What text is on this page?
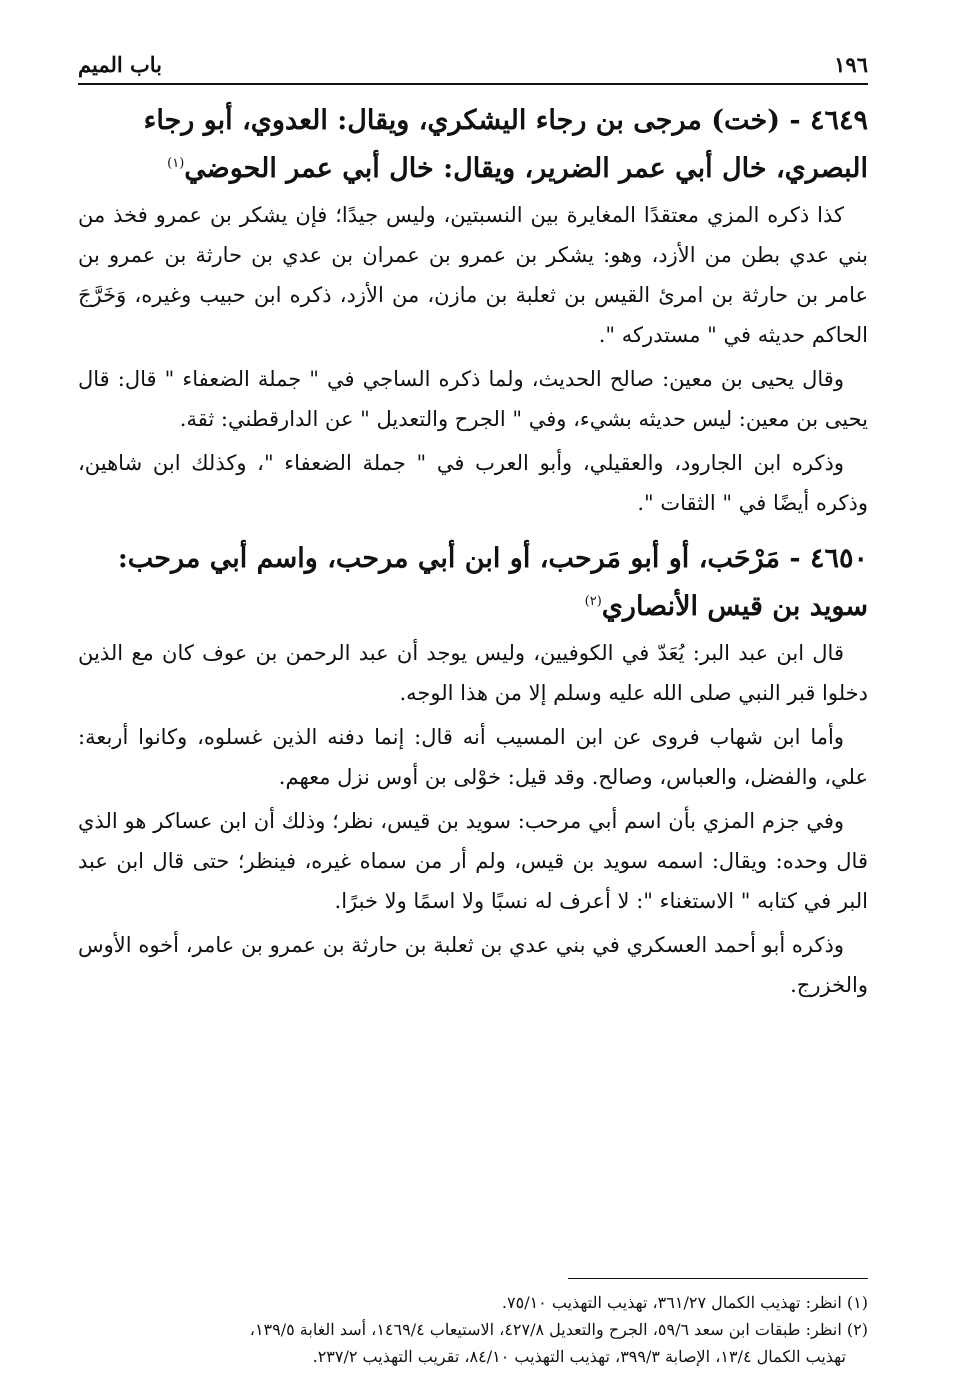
١٩٦
باب الميم
٤٦٤٩ - (خت) مرجى بن رجاء اليشكري، ويقال: العدوي، أبو رجاء
البصري، خال أبي عمر الضرير، ويقال: خال أبي عمر الحوضي$^{(١)}$

كذا ذكره المزي معتقدًا المغايرة بين النسبتين، وليس جيدًا؛ فإن يشكر بن عمرو فخذ من بني عدي بطن من الأزد، وهو: يشكر بن عمرو بن عمران بن عدي بن حارثة بن عمرو بن عامر بن حارثة بن امرئ القيس بن ثعلبة بن مازن، من الأزد، ذكره ابن حبيب وغيره، وَخَرَّجَ الحاكم حديثه في " مستدركه ".

وقال يحيى بن معين: صالح الحديث، ولما ذكره الساجي في " جملة الضعفاء " قال: قال يحيى بن معين: ليس حديثه بشيء، وفي " الجرح والتعديل " عن الدارقطني: ثقة.

وذكره ابن الجارود، والعقيلي، وأبو العرب في " جملة الضعفاء "، وكذلك ابن شاهين، وذكره أيضًا في " الثقات ".

٤٦٥٠ - مَرْحَب، أو أبو مَرحب، أو ابن أبي مرحب، واسم أبي مرحب:
سويد بن قيس الأنصاري$^{(٢)}$

قال ابن عبد البر: يُعَدّ في الكوفيين، وليس يوجد أن عبد الرحمن بن عوف كان مع الذين دخلوا قبر النبي صلى الله عليه وسلم إلا من هذا الوجه.

وأما ابن شهاب فروى عن ابن المسيب أنه قال: إنما دفنه الذين غسلوه، وكانوا أربعة: علي، والفضل، والعباس، وصالح. وقد قيل: خوْلى بن أوس نزل معهم.

وفي جزم المزي بأن اسم أبي مرحب: سويد بن قيس، نظر؛ وذلك أن ابن عساكر هو الذي قال وحده: ويقال: اسمه سويد بن قيس، ولم أر من سماه غيره، فينظر؛ حتى قال ابن عبد البر في كتابه " الاستغناء ": لا أعرف له نسبًا ولا اسمًا ولا خبرًا.

وذكره أبو أحمد العسكري في بني عدي بن ثعلبة بن حارثة بن عمرو بن عامر، أخوه الأوس والخزرج.

(١) انظر: تهذيب الكمال ٣٦١/٢٧، تهذيب التهذيب ٧٥/١٠.

(٢) انظر: طبقات ابن سعد ٥٩/٦، الجرح والتعديل ٤٢٧/٨، الاستيعاب ١٤٦٩/٤، أسد الغابة ١٣٩/٥،
تهذيب الكمال ١٣/٤، الإصابة ٣٩٩/٣، تهذيب التهذيب ٨٤/١٠، تقريب التهذيب ٢٣٧/٢.
